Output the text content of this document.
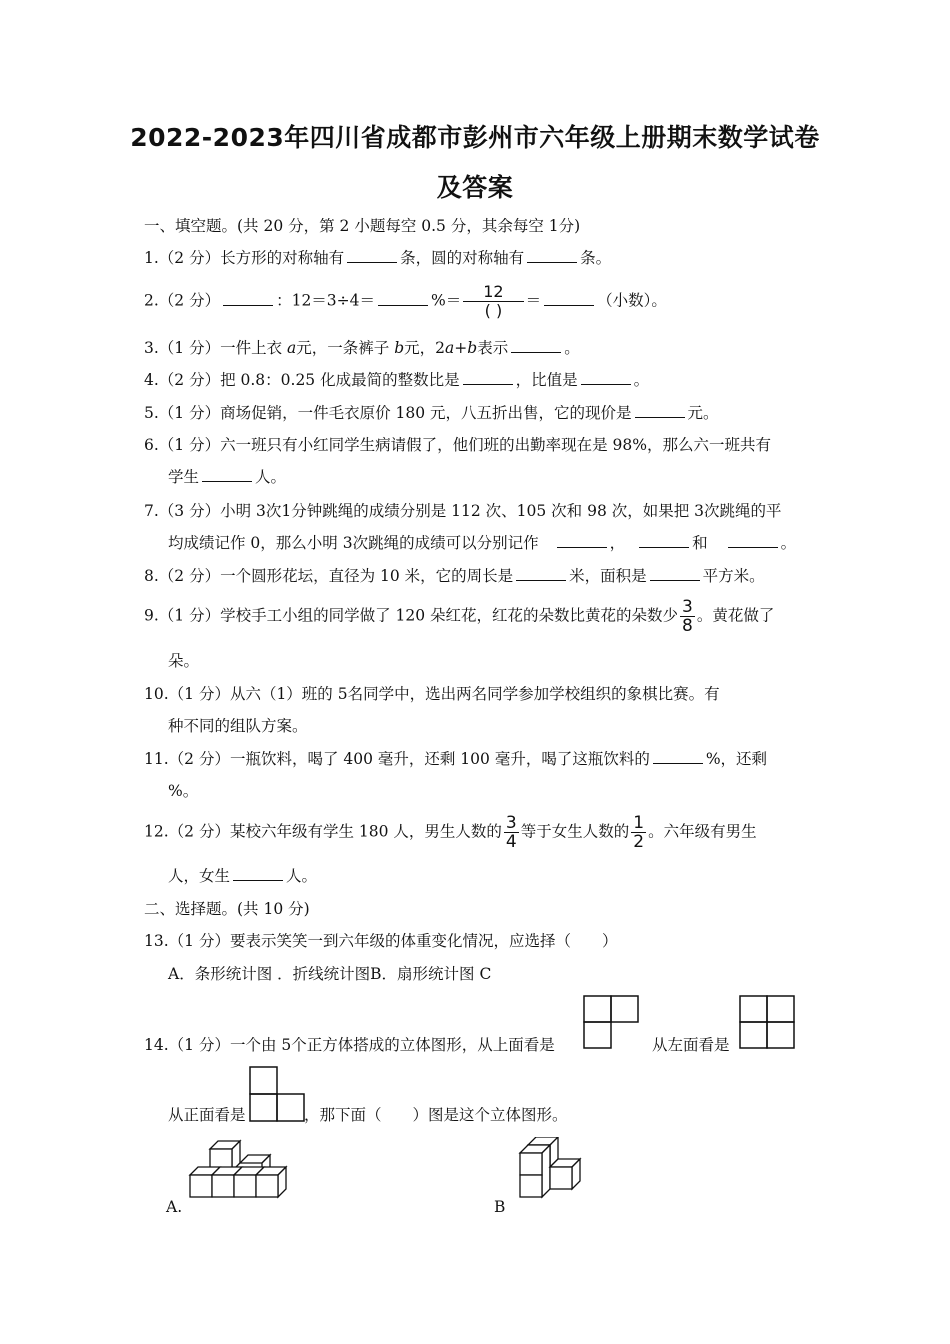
2022-2023年四川省成都市彭州市六年级上册期末数学试卷
及答案
一、填空题。(共 20 分，第 2 小题每空 0.5 分，其余每空 1分)
1.（2 分）长方形的对称轴有	条，圆的对称轴有	条。
2.（2 分）	：12＝3÷4＝	%＝ $\frac{12}{( )}$ ＝	（小数）。
3.（1 分）一件上衣 a元，一条裤子 b元，2a+b表示	。
4.（2 分）把 0.8：0.25 化成最简的整数比是	，比值是	。
5.（1 分）商场促销，一件毛衣原价 180 元，八五折出售，它的现价是	元。
6.（1 分）六一班只有小红同学生病请假了，他们班的出勤率现在是 98%，那么六一班共有
学生	人。
7.（3 分）小明 3次1分钟跳绳的成绩分别是 112 次、105 次和 98 次，如果把 3次跳绳的平
均成绩记作 0，那么小明 3次跳绳的成绩可以分别记作	，	和	。
8.（2 分）一个圆形花坛，直径为 10 米，它的周长是	米，面积是	平方米。
9.（1 分）学校手工小组的同学做了 120 朵红花，红花的朵数比黄花的朵数少 $\frac{3}{8}$ 。黄花做了
朵。
10.（1 分）从六（1）班的 5名同学中，选出两名同学参加学校组织的象棋比赛。有
种不同的组队方案。
11.（2 分）一瓶饮料，喝了 400 毫升，还剩 100 毫升，喝了这瓶饮料的	%，还剩
%。
12.（2 分）某校六年级有学生 180 人，男生人数的 $\frac{3}{4}$ 等于女生人数的 $\frac{1}{2}$ 。六年级有男生
人，女生	人。
二、选择题。(共 10 分)
13.（1 分）要表示笑笑一到六年级的体重变化情况，应选择（　　）
A．条形统计图 ．折线统计图B．扇形统计图 C
14.（1 分）一个由 5个正方体搭成的立体图形，从上面看是	从左面看是
从正面看是	，那下面（　　）图是这个立体图形。
A.	B
